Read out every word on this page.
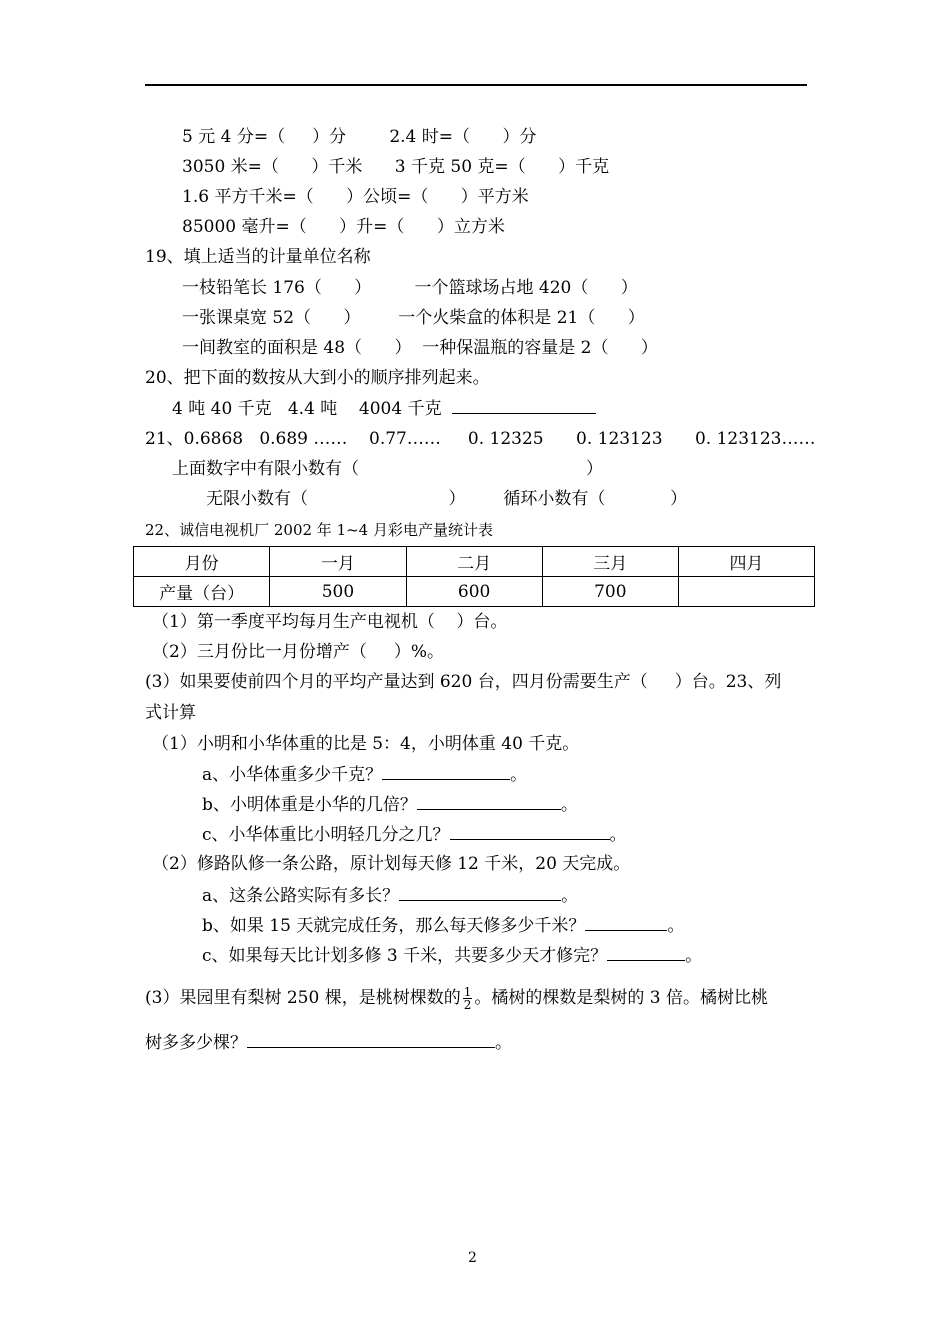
5 元 4 分=（     ）分        2.4 时=（      ）分
3050 米=（      ）千米      3 千克 50 克=（      ）千克
1.6 平方千米=（      ）公顷=（      ）平方米
85000 毫升=（      ）升=（      ）立方米
19、填上适当的计量单位名称
一枝铅笔长 176（      ）        一个篮球场占地 420（      ）
一张课桌宽 52（      ）       一个火柴盒的体积是 21（      ）
一间教室的面积是 48（      ）  一种保温瓶的容量是 2（      ）
20、把下面的数按从大到小的顺序排列起来。
4 吨 40 千克   4.4 吨    4004 千克
21、0.6868   0.689 ……    0.77……     0. 12325      0. 123123      0. 123123……
上面数字中有限小数有（                                          ）
无限小数有（                          ）       循环小数有（            ）
22、诚信电视机厂 2002 年 1~4 月彩电产量统计表
月份	一月	二月	三月	四月
产量（台）	500	600	700	
（1）第一季度平均每月生产电视机（    ）台。
（2）三月份比一月份增产（     ）%。
(3）如果要使前四个月的平均产量达到 620 台，四月份需要生产（     ）台。23、列
式计算
（1）小明和小华体重的比是 5：4，小明体重 40 千克。
a、小华体重多少千克？	。
b、小明体重是小华的几倍？	。
c、小华体重比小明轻几分之几？	。
（2）修路队修一条公路，原计划每天修 12 千米，20 天完成。
a、这条公路实际有多长？	。
b、如果 15 天就完成任务，那么每天修多少千米？	。
c、如果每天比计划多修 3 千米，共要多少天才修完？	。
(3）果园里有梨树 250 棵，是桃树棵数的 $\frac{1}{2}$ 。橘树的棵数是梨树的 3 倍。橘树比桃
树多多少棵？	。
2
